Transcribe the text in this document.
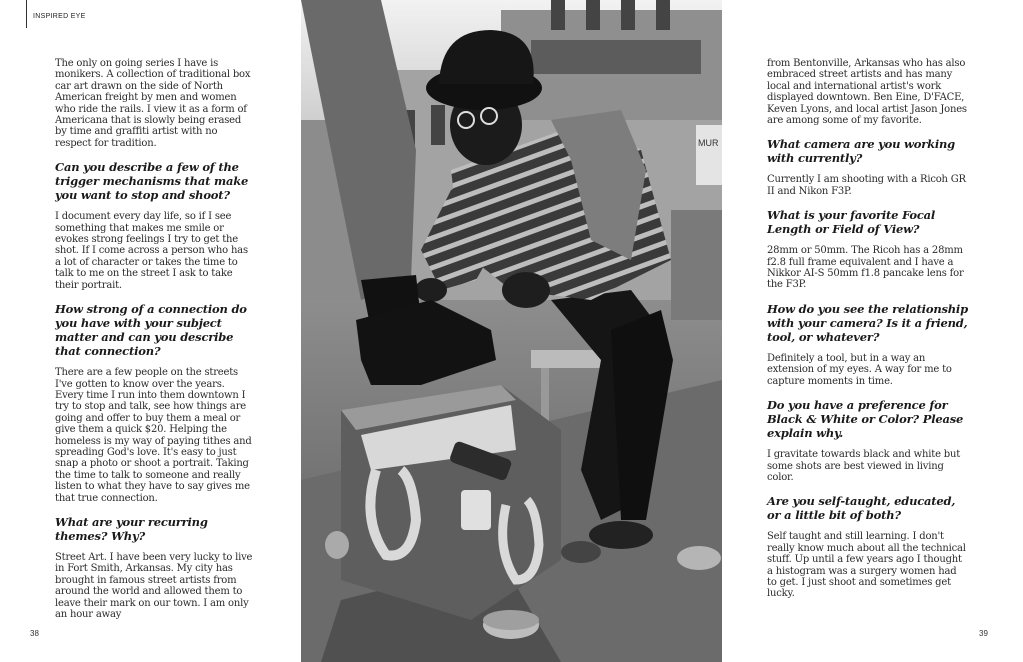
INSPIRED EYE

The only on going series I have is monikers. A collection of traditional box car art drawn on the side of North American freight by men and women who ride the rails. I view it as a form of Americana that is slowly being erased by time and graffiti artist with no respect for tradition.

Can you describe a few of the trigger mechanisms that make you want to stop and shoot?

I document every day life, so if I see something that makes me smile or evokes strong feelings I try to get the shot. If I come across a person who has a lot of character or takes the time to talk to me on the street I ask to take their portrait.

How strong of a connection do you have with your subject matter and can you describe that connection?

There are a few people on the streets I've gotten to know over the years. Every time I run into them downtown I try to stop and talk, see how things are going and offer to buy them a meal or give them a quick $20. Helping the homeless is my way of paying tithes and spreading God's love. It's easy to just snap a photo or shoot a portrait. Taking the time to talk to someone and really listen to what they have to say gives me that true connection.

What are your recurring themes? Why?

Street Art. I have been very lucky to live in Fort Smith, Arkansas. My city has brought in famous street artists from around the world and allowed them to leave their mark on our town. I am only an hour away

MUR

from Bentonville, Arkansas who has also embraced street artists and has many local and international artist's work displayed downtown. Ben Eine, D'FACE, Keven Lyons, and local artist Jason Jones are among some of my favorite.

What camera are you working with currently?

Currently I am shooting with a Ricoh GR II and Nikon F3P.

What is your favorite Focal Length or Field of View?

28mm or 50mm. The Ricoh has a 28mm f2.8 full frame equivalent and I have a Nikkor AI-S 50mm f1.8 pancake lens for the F3P.

How do you see the relationship with your camera? Is it a friend, tool, or whatever?

Definitely a tool, but in a way an extension of my eyes. A way for me to capture moments in time.

Do you have a preference for Black & White or Color? Please explain why.

I gravitate towards black and white but some shots are best viewed in living color.

Are you self-taught, educated, or a little bit of both?

Self taught and still learning. I don't really know much about all the technical stuff. Up until a few years ago I thought a histogram was a surgery women had to get. I just shoot and sometimes get lucky.

38	39
